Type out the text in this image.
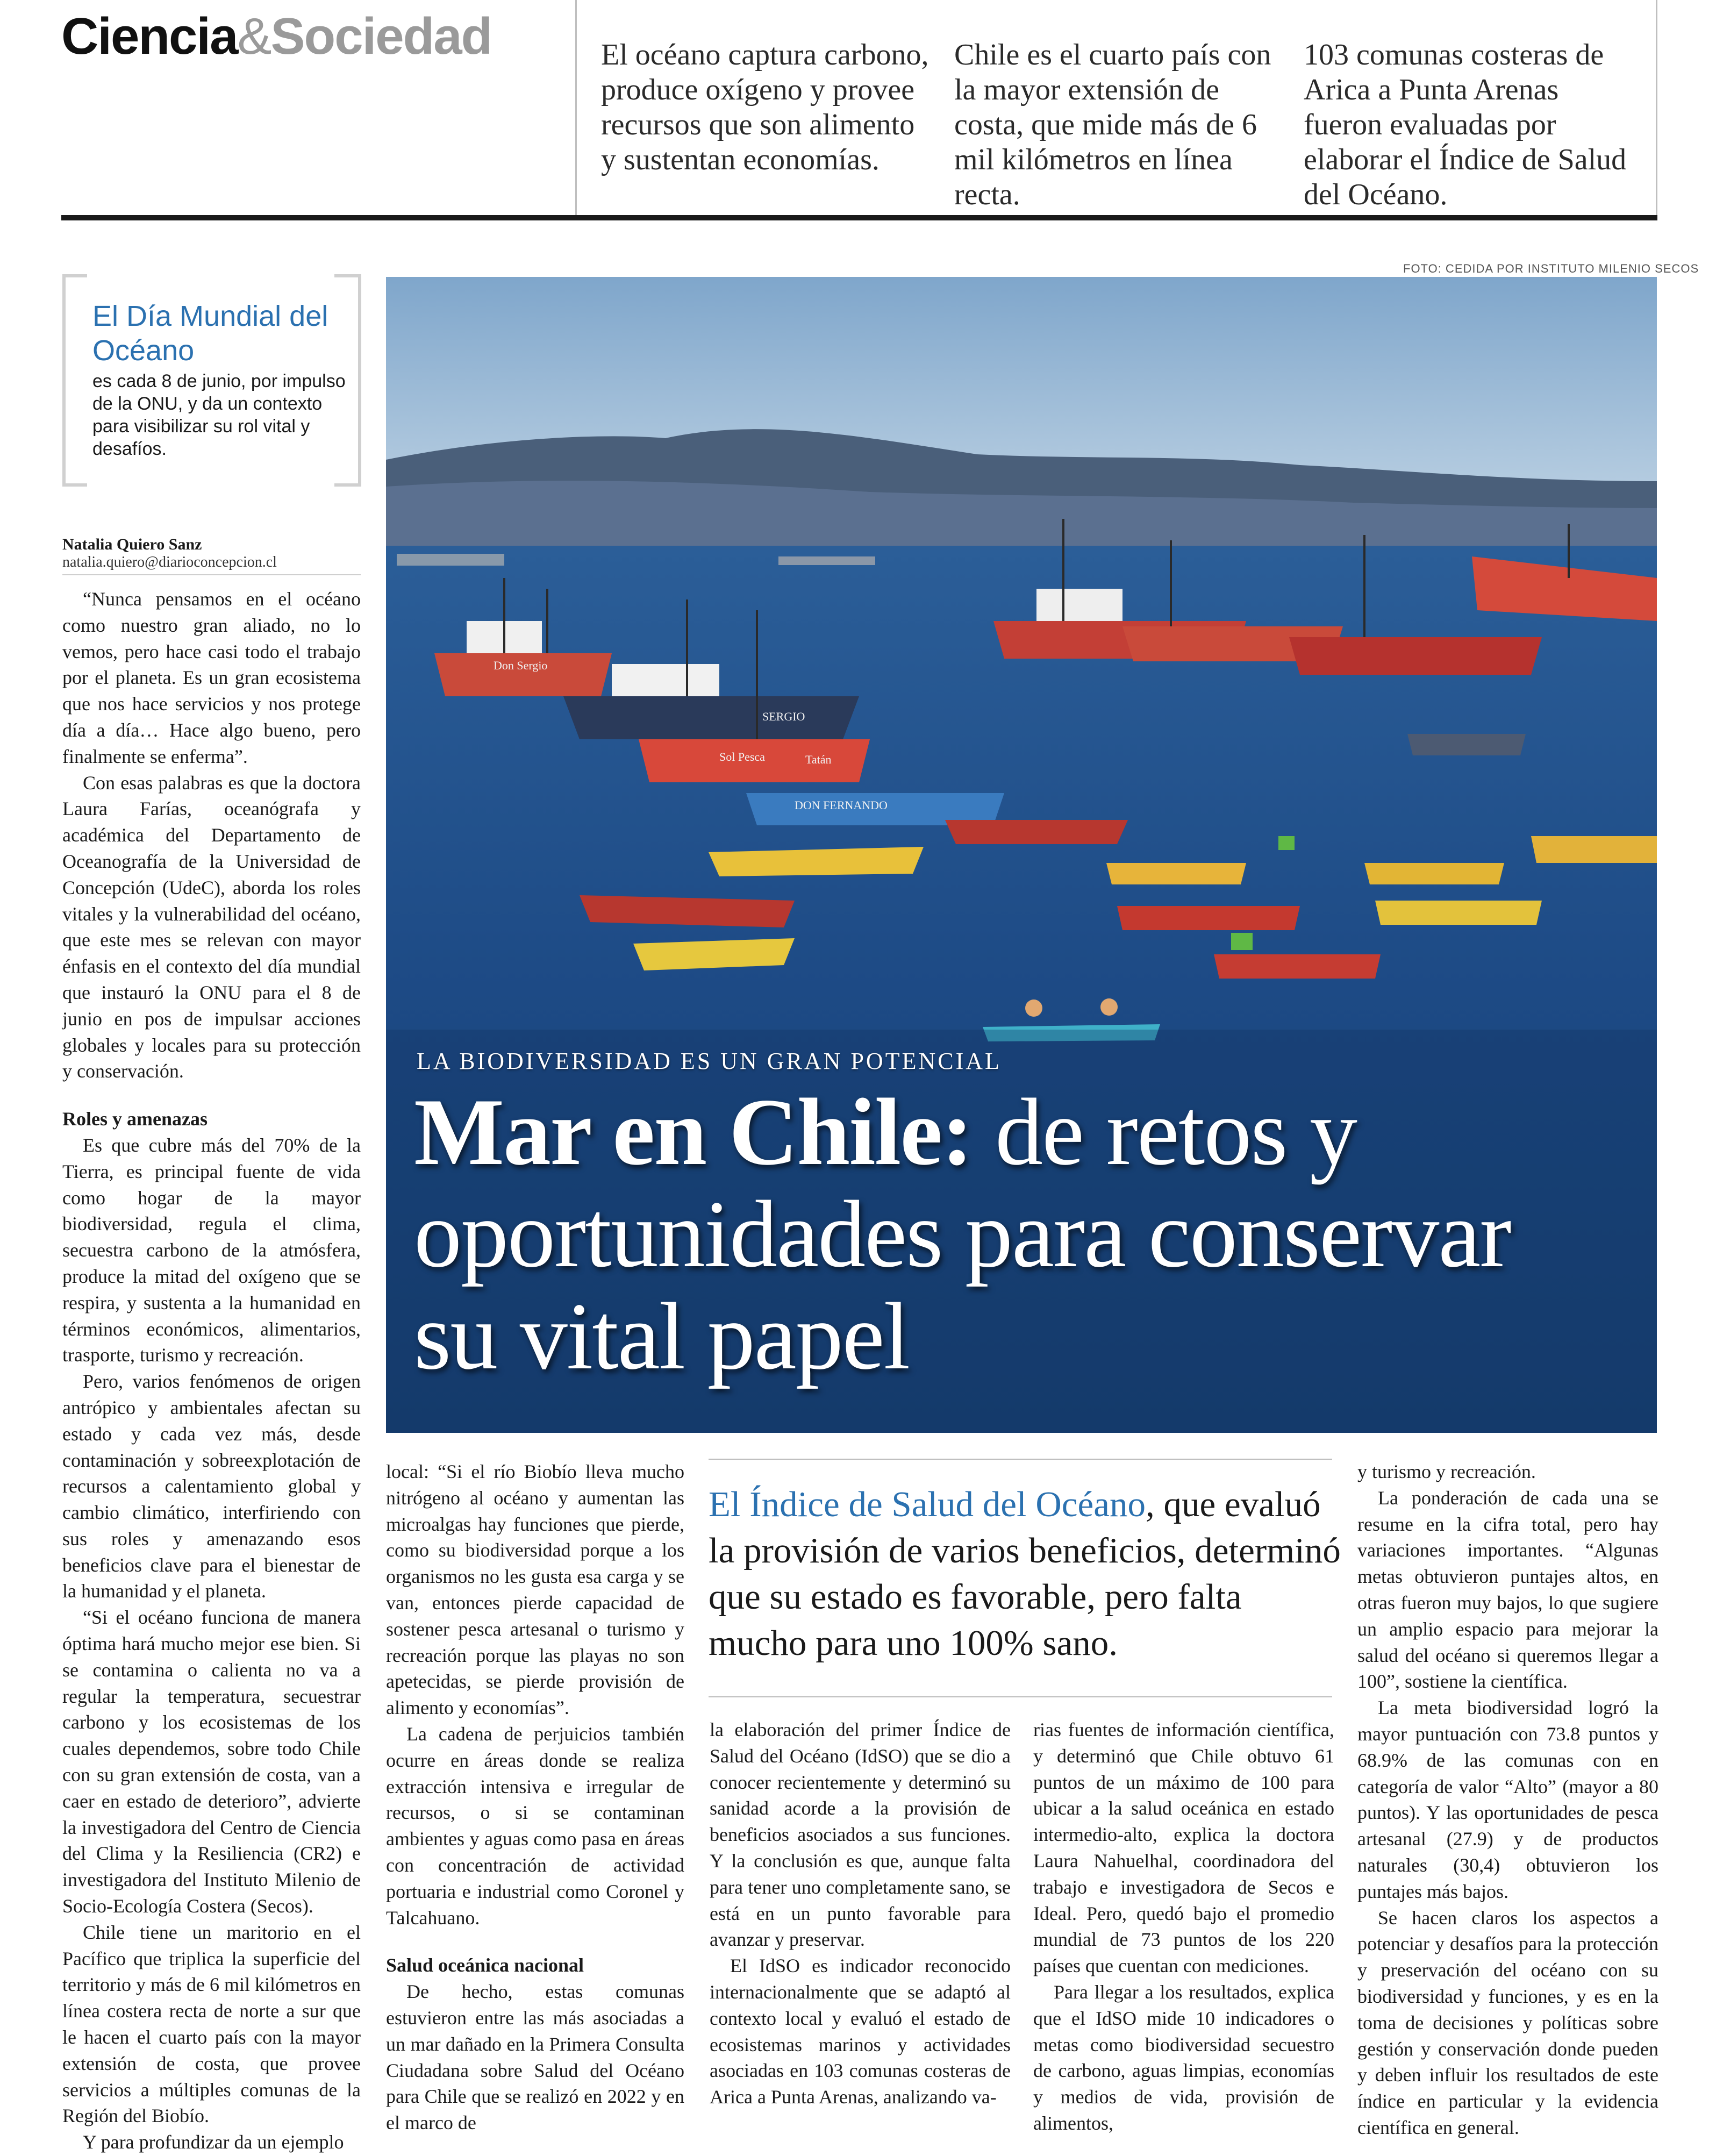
Ciencia&Sociedad	El océano captura carbono, produce oxígeno y provee recursos que son alimento y sustentan economías.
Chile es el cuarto país con la mayor extensión de costa, que mide más de 6 mil kilómetros en línea recta.
103 comunas costeras de Arica a Punta Arenas fueron evaluadas por elaborar el Índice de Salud del Océano.
El Día Mundial del Océano
es cada 8 de junio, por impulso de la ONU, y da un contexto para visibilizar su rol vital y desafíos.
Natalia Quiero Sanz
natalia.quiero@diarioconcepcion.cl

“Nunca pensamos en el océano como nuestro gran aliado, no lo vemos, pero hace casi todo el trabajo por el planeta. Es un gran ecosistema que nos hace servicios y nos protege día a día… Hace algo bueno, pero finalmente se enferma”.

Con esas palabras es que la doctora Laura Farías, oceanógrafa y académica del Departamento de Oceanografía de la Universidad de Concepción (UdeC), aborda los roles vitales y la vulnerabilidad del océano, que este mes se relevan con mayor énfasis en el contexto del día mundial que instauró la ONU para el 8 de junio en pos de impulsar acciones globales y locales para su protección y conservación.

Roles y amenazas

Es que cubre más del 70% de la Tierra, es principal fuente de vida como hogar de la mayor biodiversidad, regula el clima, secuestra carbono de la atmósfera, produce la mitad del oxígeno que se respira, y sustenta a la humanidad en términos económicos, alimentarios, trasporte, turismo y recreación.

Pero, varios fenómenos de origen antrópico y ambientales afectan su estado y cada vez más, desde contaminación y sobreexplotación de recursos a calentamiento global y cambio climático, interfiriendo con sus roles y amenazando esos beneficios clave para el bienestar de la humanidad y el planeta.

“Si el océano funciona de manera óptima hará mucho mejor ese bien. Si se contamina o calienta no va a regular la temperatura, secuestrar carbono y los ecosistemas de los cuales dependemos, sobre todo Chile con su gran extensión de costa, van a caer en estado de deterioro”, advierte la investigadora del Centro de Ciencia del Clima y la Resiliencia (CR2) e investigadora del Instituto Milenio de Socio-Ecología Costera (Secos).

Chile tiene un maritorio en el Pacífico que triplica la superficie del territorio y más de 6 mil kilómetros en línea costera recta de norte a sur que le hacen el cuarto país con la mayor extensión de costa, que provee servicios a múltiples comunas de la Región del Biobío.

Y para profundizar da un ejemplo

FOTO: CEDIDA POR INSTITUTO MILENIO SECOS
Don Sergio
SERGIO
Tatán
Sol Pesca
DON FERNANDO
LA BIODIVERSIDAD ES UN GRAN POTENCIAL
Mar en Chile: de retos y oportunidades para conservar su vital papel

local: “Si el río Biobío lleva mucho nitrógeno al océano y aumentan las microalgas hay funciones que pierde, como su biodiversidad porque a los organismos no les gusta esa carga y se van, entonces pierde capacidad de sostener pesca artesanal o turismo y recreación porque las playas no son apetecidas, se pierde provisión de alimento y economías”.

La cadena de perjuicios también ocurre en áreas donde se realiza extracción intensiva e irregular de recursos, o si se contaminan ambientes y aguas como pasa en áreas con concentración de actividad portuaria e industrial como Coronel y Talcahuano.

Salud oceánica nacional

De hecho, estas comunas estuvieron entre las más asociadas a un mar dañado en la Primera Consulta Ciudadana sobre Salud del Océano para Chile que se realizó en 2022 y en el marco de

El Índice de Salud del Océano, que evaluó la provisión de varios beneficios, determinó que su estado es favorable, pero falta mucho para uno 100% sano.

la elaboración del primer Índice de Salud del Océano (IdSO) que se dio a conocer recientemente y determinó su sanidad acorde a la provisión de beneficios asociados a sus funciones. Y la conclusión es que, aunque falta para tener uno completamente sano, se está en un punto favorable para avanzar y preservar.

El IdSO es indicador reconocido internacionalmente que se adaptó al contexto local y evaluó el estado de ecosistemas marinos y actividades asociadas en 103 comunas costeras de Arica a Punta Arenas, analizando va-

rias fuentes de información científica, y determinó que Chile obtuvo 61 puntos de un máximo de 100 para ubicar a la salud oceánica en estado intermedio-alto, explica la doctora Laura Nahuelhal, coordinadora del trabajo e investigadora de Secos e Ideal. Pero, quedó bajo el promedio mundial de 73 puntos de los 220 países que cuentan con mediciones.

Para llegar a los resultados, explica que el IdSO mide 10 indicadores o metas como biodiversidad secuestro de carbono, aguas limpias, economías y medios de vida, provisión de alimentos,

y turismo y recreación.

La ponderación de cada una se resume en la cifra total, pero hay variaciones importantes. “Algunas metas obtuvieron puntajes altos, en otras fueron muy bajos, lo que sugiere un amplio espacio para mejorar la salud del océano si queremos llegar a 100”, sostiene la científica.

La meta biodiversidad logró la mayor puntuación con 73.8 puntos y 68.9% de las comunas con en categoría de valor “Alto” (mayor a 80 puntos). Y las oportunidades de pesca artesanal (27.9) y de productos naturales (30,4) obtuvieron los puntajes más bajos.

Se hacen claros los aspectos a potenciar y desafíos para la protección y preservación del océano con su biodiversidad y funciones, y es en la toma de decisiones y políticas sobre gestión y conservación donde pueden y deben influir los resultados de este índice en particular y la evidencia científica en general.
